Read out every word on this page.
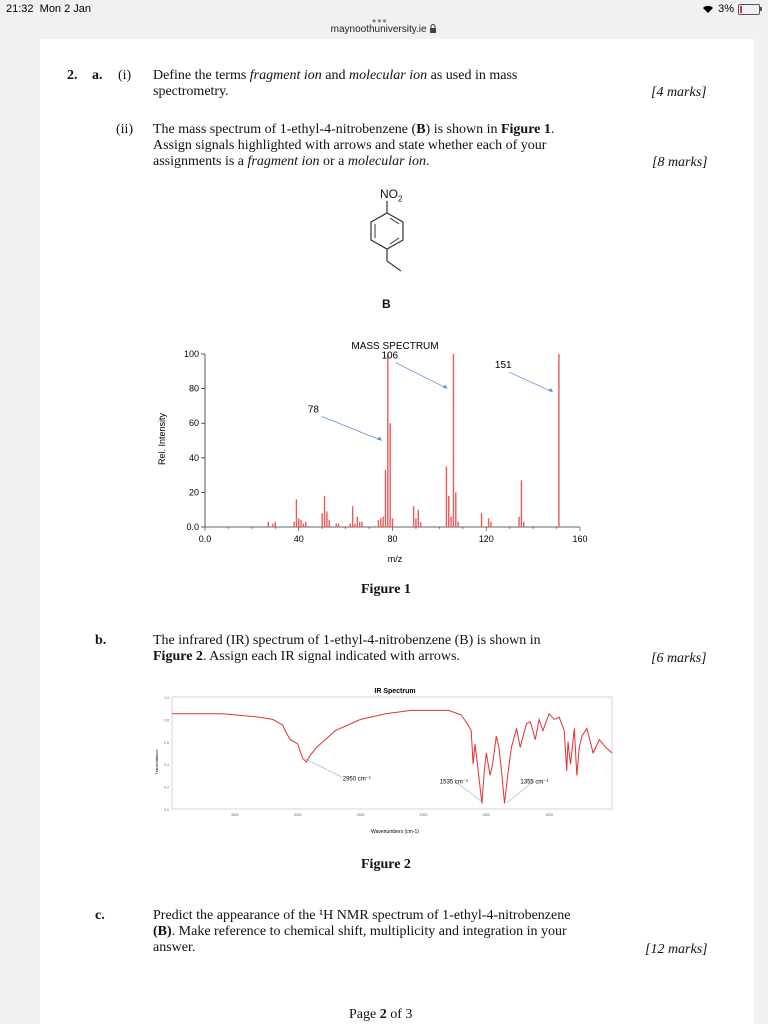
21:32 Mon 2 Jan	3%
•••
maynoothuniversity.ie
2. a. (i) Define the terms fragment ion and molecular ion as used in mass
spectrometry.	[4 marks]
(ii) The mass spectrum of 1-ethyl-4-nitrobenzene (B) is shown in Figure 1.
Assign signals highlighted with arrows and state whether each of your
assignments is a fragment ion or a molecular ion.	[8 marks]
$NO_2$
B
MASS SPECTRUM
Rel. Intensity
m/z
0.0
20
40
60
80
100
0.0	40	80	120	160
78
106
151
Figure 1
b.	The infrared (IR) spectrum of 1-ethyl-4-nitrobenzene (B) is shown in
Figure 2. Assign each IR signal indicated with arrows.	[6 marks]
IR Spectrum
Transmittance
Wavenumbers (cm-1)
1.0
0.8
0.6
0.4
0.2
0.0
3500	3000	2500	2000	1500	1000
2950 cm⁻¹	1535 cm⁻¹	1355 cm⁻¹
Figure 2
c.	Predict the appearance of the ¹H NMR spectrum of 1-ethyl-4-nitrobenzene
(B). Make reference to chemical shift, multiplicity and integration in your
answer.	[12 marks]
Page 2 of 3
